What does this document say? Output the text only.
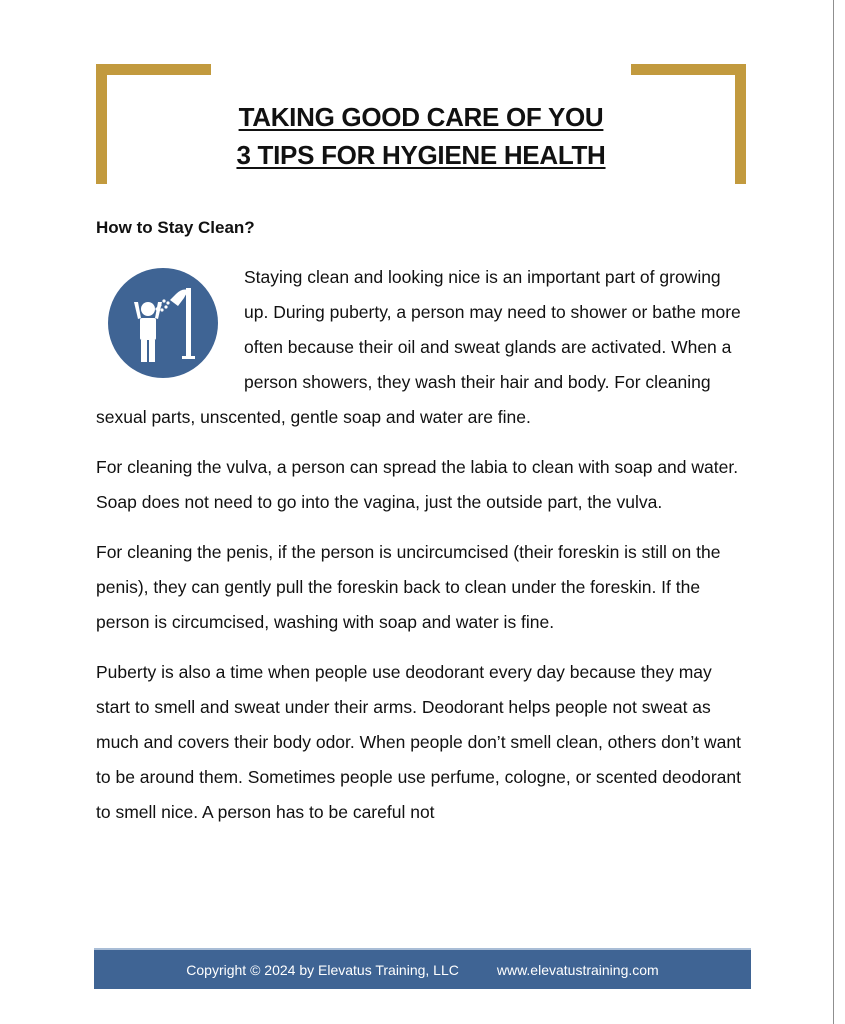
TAKING GOOD CARE OF YOU
3 TIPS FOR HYGIENE HEALTH
How to Stay Clean?

Staying clean and looking nice is an important part of growing up. During puberty, a person may need to shower or bathe more often because their oil and sweat glands are activated. When a person showers, they wash their hair and body. For cleaning sexual parts, unscented, gentle soap and water are fine.

For cleaning the vulva, a person can spread the labia to clean with soap and water. Soap does not need to go into the vagina, just the outside part, the vulva.

For cleaning the penis, if the person is uncircumcised (their foreskin is still on the penis), they can gently pull the foreskin back to clean under the foreskin. If the person is circumcised, washing with soap and water is fine.

Puberty is also a time when people use deodorant every day because they may start to smell and sweat under their arms. Deodorant helps people not sweat as much and covers their body odor. When people don’t smell clean, others don’t want to be around them. Sometimes people use perfume, cologne, or scented deodorant to smell nice. A person has to be careful not

Copyright © 2024 by Elevatus Training, LLC	www.elevatustraining.com
